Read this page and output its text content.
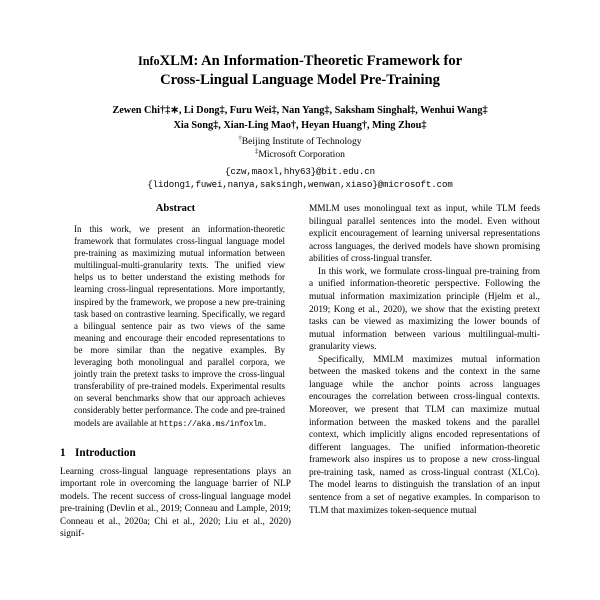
InfoXLM: An Information-Theoretic Framework for
Cross-Lingual Language Model Pre-Training
Zewen Chi†‡∗, Li Dong‡, Furu Wei‡, Nan Yang‡, Saksham Singhal‡, Wenhui Wang‡
Xia Song‡, Xian-Ling Mao†, Heyan Huang†, Ming Zhou‡
†Beijing Institute of Technology
‡Microsoft Corporation
{czw,maoxl,hhy63}@bit.edu.cn
{lidong1,fuwei,nanya,saksingh,wenwan,xiaso}@microsoft.com
Abstract

In this work, we present an information-theoretic framework that formulates cross-lingual language model pre-training as maximizing mutual information between multilingual-multi-granularity texts. The unified view helps us to better understand the existing methods for learning cross-lingual representations. More importantly, inspired by the framework, we propose a new pre-training task based on contrastive learning. Specifically, we regard a bilingual sentence pair as two views of the same meaning and encourage their encoded representations to be more similar than the negative examples. By leveraging both monolingual and parallel corpora, we jointly train the pretext tasks to improve the cross-lingual transferability of pre-trained models. Experimental results on several benchmarks show that our approach achieves considerably better performance. The code and pre-trained models are available at https://aka.ms/infoxlm.

1 Introduction

Learning cross-lingual language representations plays an important role in overcoming the language barrier of NLP models. The recent success of cross-lingual language model pre-training (Devlin et al., 2019; Conneau and Lample, 2019; Conneau et al., 2020a; Chi et al., 2020; Liu et al., 2020) signif-

MMLM uses monolingual text as input, while TLM feeds bilingual parallel sentences into the model. Even without explicit encouragement of learning universal representations across languages, the derived models have shown promising abilities of cross-lingual transfer.

In this work, we formulate cross-lingual pre-training from a unified information-theoretic perspective. Following the mutual information maximization principle (Hjelm et al., 2019; Kong et al., 2020), we show that the existing pretext tasks can be viewed as maximizing the lower bounds of mutual information between various multilingual-multi-granularity views.

Specifically, MMLM maximizes mutual information between the masked tokens and the context in the same language while the anchor points across languages encourages the correlation between cross-lingual contexts. Moreover, we present that TLM can maximize mutual information between the masked tokens and the parallel context, which implicitly aligns encoded representations of different languages. The unified information-theoretic framework also inspires us to propose a new cross-lingual pre-training task, named as cross-lingual contrast (XLCo). The model learns to distinguish the translation of an input sentence from a set of negative examples. In comparison to TLM that maximizes token-sequence mutual
